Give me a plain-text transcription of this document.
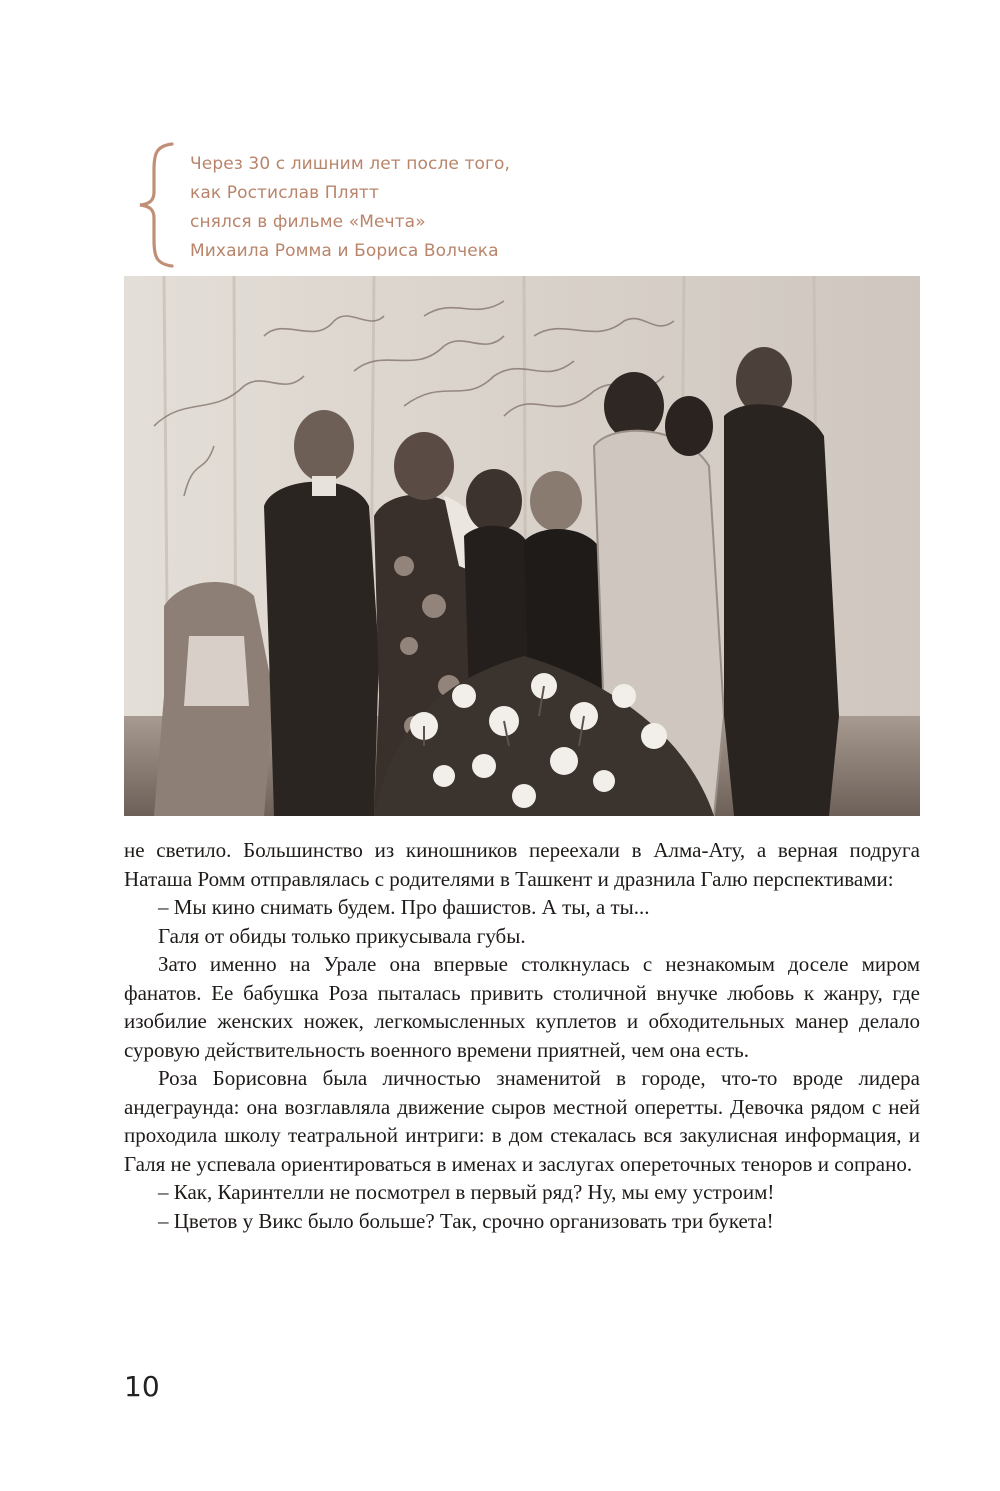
Через 30 с лишним лет после того,
как Ростислав Плятт
снялся в фильме «Мечта»
Михаила Ромма и Бориса Волчека

не светило. Большинство из киношников переехали в Алма-Ату, а верная подруга Наташа Ромм отправлялась с родителями в Ташкент и дразнила Галю перспективами:

– Мы кино снимать будем. Про фашистов. А ты, а ты...

Галя от обиды только прикусывала губы.

Зато именно на Урале она впервые столкнулась с незнакомым доселе миром фанатов. Ее бабушка Роза пыталась привить столичной внучке любовь к жанру, где изобилие женских ножек, легкомысленных куплетов и обходительных манер делало суровую действительность военного времени приятней, чем она есть.

Роза Борисовна была личностью знаменитой в городе, что-то вроде лидера андеграунда: она возглавляла движение сыров местной оперетты. Девочка рядом с ней проходила школу театральной интриги: в дом стекалась вся закулисная информация, и Галя не успевала ориентироваться в именах и заслугах опереточных теноров и сопрано.

– Как, Каринтелли не посмотрел в первый ряд? Ну, мы ему устроим!

– Цветов у Викс было больше? Так, срочно организовать три букета!

10
